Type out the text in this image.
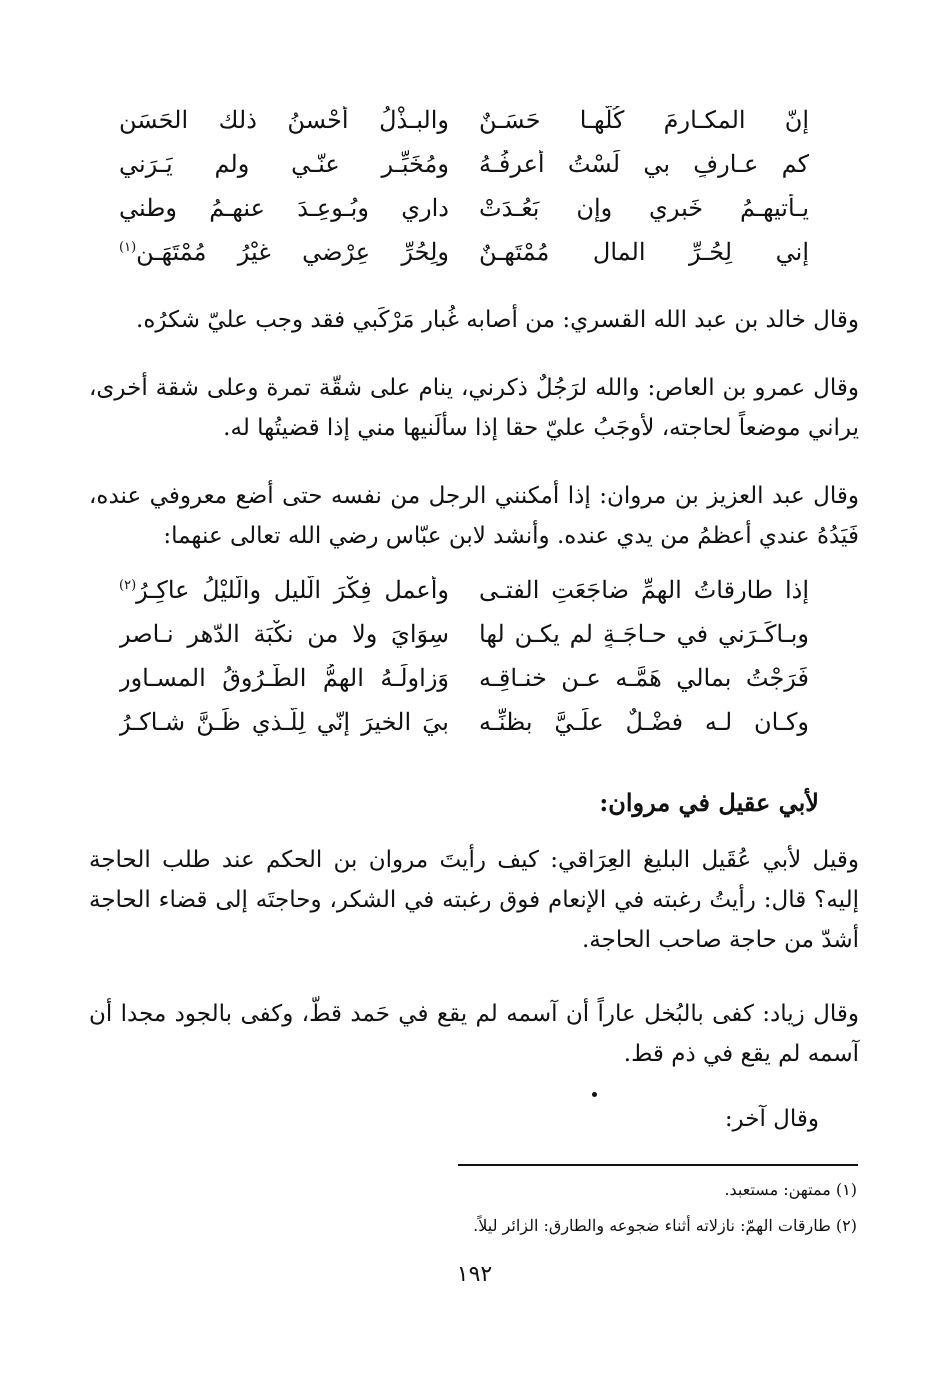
إنّ المكـارمَ كُلّهـا حَسَـنٌ
والبـذْلُ أحْسنُ ذلك الحَسَن
كم عـارفٍ بي لَسْتُ أعرِفُـهُ
ومُخَبِّـرٍ عنّـي ولم يَـرَني
يـأتيهـمُ خَبري وإن بَعُـدَتْ
داري وبُـوعِـدَ عنهـمُ وطني
إني لِحُـرِّ المالِ مُمْتَهِـنٌ
ولِحُرِّ عِرْضي غيْرُ مُمْتَهَـن$^{(١)}$

وقال خالد بن عبد الله القسري: من أصابه غُبار مَرْكَبي فقد وجب عليّ شكرُه.

وقال عمرو بن العاص: والله لرَجُلٌ ذكرني، ينام على شقّة تمرة وعلى شقة أخرى، يراني موضعاً لحاجته، لأوجَبُ عليّ حقا إذا سألَنيها مني إذا قضيتُها له.

وقال عبد العزيز بن مروان: إذا أمكنني الرجل من نفسه حتى أضع معروفي عنده، فَيَدُهُ عندي أعظمُ من يدي عنده. وأنشد لابن عبّاس رضي الله تعالى عنهما:

إذا طارقاتُ الهمِّ ضاجَعَتِ الفتـى
وأعمل فِكْرَ الّليل والّليْلُ عاكِـرُ$^{(٢)}$
وبـاكَـرَني في حـاجَـةٍ لم يكـن لها
سِوَايَ ولا من نكْبَة الدّهر نـاصر
فَرَجْتُ بمالي هَمَّـه عـن خنـاقِـه
وَزاولَـهُ الهمُّ الطّـرُوقُ المسـاور
وكـان لـه فضْـلٌ علَـيَّ بظنِّـه
بيَ الخيرَ إنّي لِلّـذي ظَـنَّ شـاكـرُ
لأبي عقيل في مروان:

وقيل لأبي عُقَيل البليغ العِرَاقي: كيف رأيتَ مروان بن الحكم عند طلب الحاجة إليه؟ قال: رأيتُ رغبته في الإنعام فوق رغبته في الشكر، وحاجتَه إلى قضاء الحاجة أشدّ من حاجة صاحب الحاجة.

وقال زياد: كفى بالبُخل عاراً أن آسمه لم يقع في حَمد قطّ، وكفى بالجود مجدا أن آسمه لم يقع في ذم قط.

وقال آخر:
(١) ممتهن: مستعبد.
(٢) طارقات الهمّ: نازلاته أثناء ضجوعه والطارق: الزائر ليلاً.
١٩٢
